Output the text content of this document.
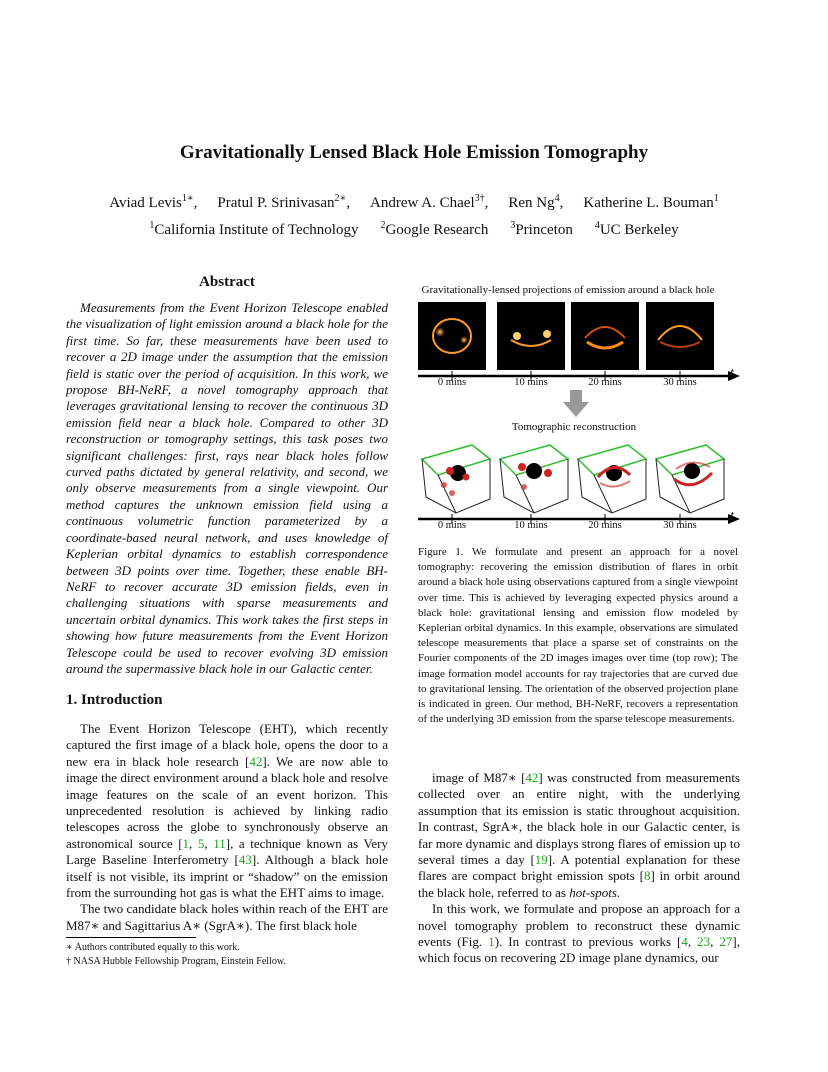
Gravitationally Lensed Black Hole Emission Tomography
Aviad Levis$^{1∗}$, Pratul P. Srinivasan$^{2∗}$, Andrew A. Chael$^{3\dagger}$, Ren Ng$^4$, Katherine L. Bouman$^1$
$^1$California Institute of Technology $^2$Google Research $^3$Princeton $^4$UC Berkeley
Abstract
Measurements from the Event Horizon Telescope enabled the visualization of light emission around a black hole for the first time. So far, these measurements have been used to recover a 2D image under the assumption that the emission field is static over the period of acquisition. In this work, we propose BH-NeRF, a novel tomography approach that leverages gravitational lensing to recover the continuous 3D emission field near a black hole. Compared to other 3D reconstruction or tomography settings, this task poses two significant challenges: first, rays near black holes follow curved paths dictated by general relativity, and second, we only observe measurements from a single viewpoint. Our method captures the unknown emission field using a continuous volumetric function parameterized by a coordinate-based neural network, and uses knowledge of Keplerian orbital dynamics to establish correspondence between 3D points over time. Together, these enable BH-NeRF to recover accurate 3D emission fields, even in challenging situations with sparse measurements and uncertain orbital dynamics. This work takes the first steps in showing how future measurements from the Event Horizon Telescope could be used to recover evolving 3D emission around the supermassive black hole in our Galactic center.
1. Introduction

The Event Horizon Telescope (EHT), which recently captured the first image of a black hole, opens the door to a new era in black hole research [42]. We are now able to image the direct environment around a black hole and resolve image features on the scale of an event horizon. This unprecedented resolution is achieved by linking radio telescopes across the globe to synchronously observe an astronomical source [1, 5, 11], a technique known as Very Large Baseline Interferometry [43]. Although a black hole itself is not visible, its imprint or “shadow” on the emission from the surrounding hot gas is what the EHT aims to image.

The two candidate black holes within reach of the EHT are M87∗ and Sagittarius A∗ (SgrA∗). The first black hole

∗ Authors contributed equally to this work.
† NASA Hubble Fellowship Program, Einstein Fellow.
Gravitationally-lensed projections of emission around a black hole
t
0 mins	10 mins	20 mins	30 mins
Tomographic reconstruction
t
0 mins	10 mins	20 mins	30 mins
Figure 1. We formulate and present an approach for a novel tomography: recovering the emission distribution of flares in orbit around a black hole using observations captured from a single viewpoint over time. This is achieved by leveraging expected physics around a black hole: gravitational lensing and emission flow modeled by Keplerian orbital dynamics. In this example, observations are simulated telescope measurements that place a sparse set of constraints on the Fourier components of the 2D images images over time (top row); The image formation model accounts for ray trajectories that are curved due to gravitational lensing. The orientation of the observed projection plane is indicated in green. Our method, BH-NeRF, recovers a representation of the underlying 3D emission from the sparse telescope measurements.

image of M87∗ [42] was constructed from measurements collected over an entire night, with the underlying assumption that its emission is static throughout acquisition. In contrast, SgrA∗, the black hole in our Galactic center, is far more dynamic and displays strong flares of emission up to several times a day [19]. A potential explanation for these flares are compact bright emission spots [8] in orbit around the black hole, referred to as hot-spots.

In this work, we formulate and propose an approach for a novel tomography problem to reconstruct these dynamic events (Fig. 1). In contrast to previous works [4, 23, 27], which focus on recovering 2D image plane dynamics, our
